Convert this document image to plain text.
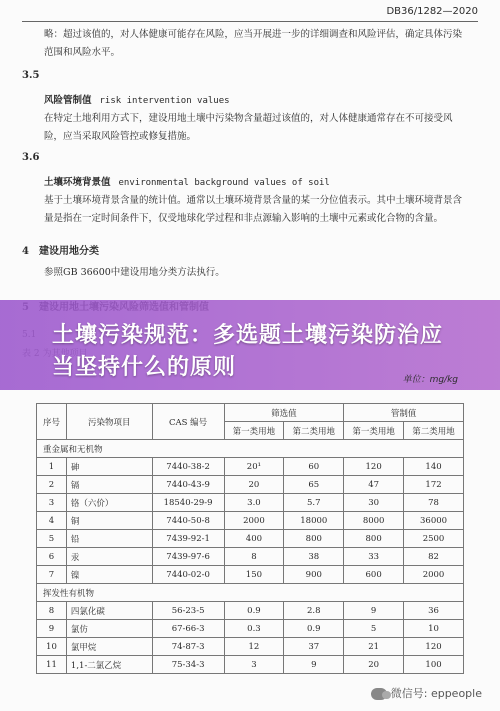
DB36/1282—2020
略：超过该值的，对人体健康可能存在风险，应当开展进一步的详细调查和风险评估，确定具体污染范围和风险水平。
3.5
风险管制值 risk intervention values
在特定土地利用方式下，建设用地土壤中污染物含量超过该值的，对人体健康通常存在不可接受风险，应当采取风险管控或修复措施。
3.6
土壤环境背景值 environmental background values of soil
基于土壤环境背景含量的统计值。通常以土壤环境背景含量的某一分位值表示。其中土壤环境背景含量是指在一定时间条件下，仅受地球化学过程和非点源输入影响的土壤中元素或化合物的含量。
4　建设用地分类
参照GB 36600中建设用地分类方法执行。
土壤污染规范：多选题土壤污染防治应当坚持什么的原则	单位：mg/kg
序号	污染物项目	CAS 编号	筛选值		管制值	
			第一类用地	第二类用地	第一类用地	第二类用地
重金属和无机物						
1	砷	7440-38-2	20¹	60	120	140
2	镉	7440-43-9	20	65	47	172
3	铬（六价）	18540-29-9	3.0	5.7	30	78
4	铜	7440-50-8	2000	18000	8000	36000
5	铅	7439-92-1	400	800	800	2500
6	汞	7439-97-6	8	38	33	82
7	镍	7440-02-0	150	900	600	2000
挥发性有机物						
8	四氯化碳	56-23-5	0.9	2.8	9	36
9	氯仿	67-66-3	0.3	0.9	5	10
10	氯甲烷	74-87-3	12	37	21	120
11	1,1-二氯乙烷	75-34-3	3	9	20	100
微信号: eppeople
